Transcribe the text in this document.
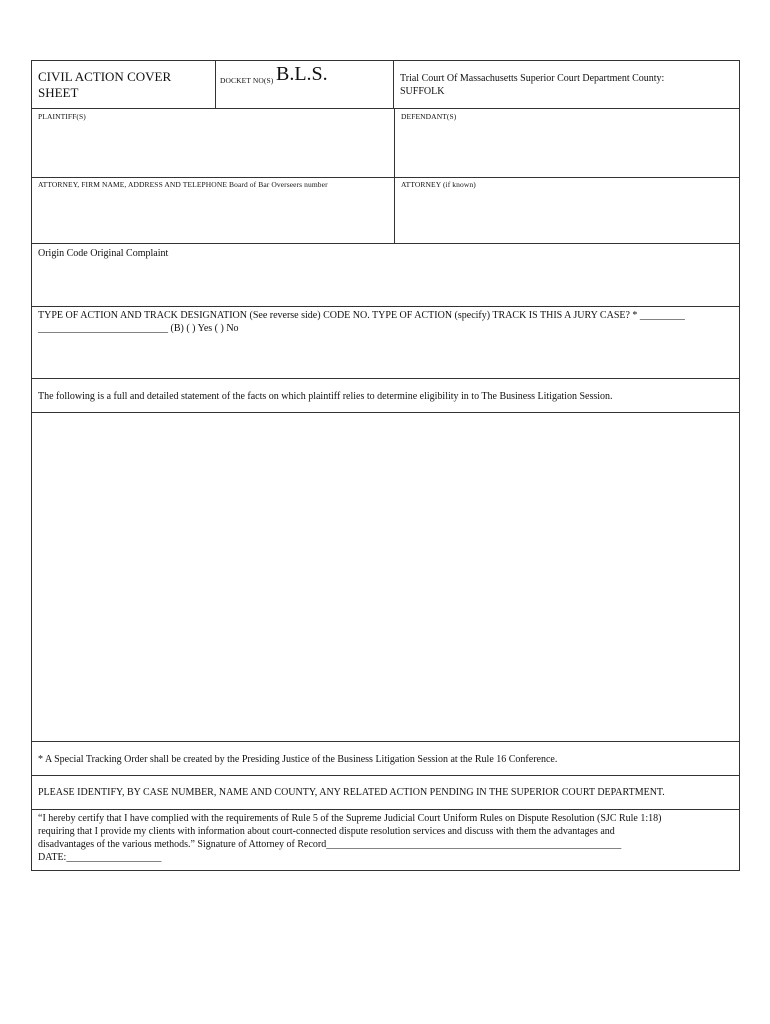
CIVIL ACTION COVER SHEET
DOCKET NO(S) B.L.S.	Trial Court Of Massachusetts Superior Court Department County:
SUFFOLK
PLAINTIFF(S)	DEFENDANT(S)
ATTORNEY, FIRM NAME, ADDRESS AND TELEPHONE Board of Bar Overseers number	ATTORNEY (if known)
Origin Code Original Complaint
TYPE OF ACTION AND TRACK DESIGNATION (See reverse side) CODE NO. TYPE OF ACTION (specify) TRACK IS THIS A JURY CASE? * _________
__________________________ (B) ( ) Yes ( ) No
The following is a full and detailed statement of the facts on which plaintiff relies to determine eligibility in to The Business Litigation Session.
* A Special Tracking Order shall be created by the Presiding Justice of the Business Litigation Session at the Rule 16 Conference.
PLEASE IDENTIFY, BY CASE NUMBER, NAME AND COUNTY, ANY RELATED ACTION PENDING IN THE SUPERIOR COURT DEPARTMENT.
“I hereby certify that I have complied with the requirements of Rule 5 of the Supreme Judicial Court Uniform Rules on Dispute Resolution (SJC Rule 1:18)
requiring that I provide my clients with information about court-connected dispute resolution services and discuss with them the advantages and
disadvantages of the various methods.” Signature of Attorney of Record___________________________________________________________
DATE:___________________
